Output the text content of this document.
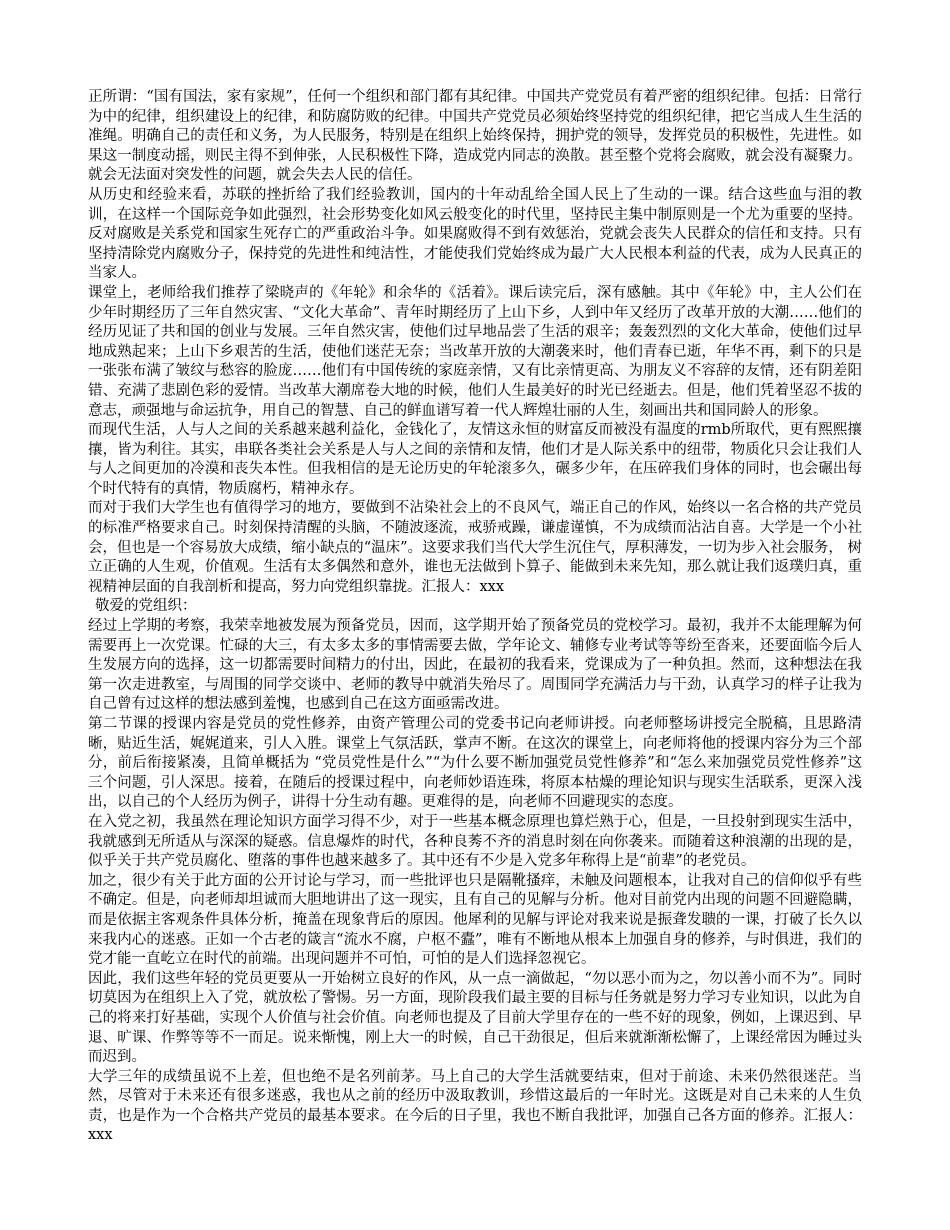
正所谓：“国有国法，家有家规”，任何一个组织和部门都有其纪律。中国共产党党员有着严密的组织纪律。包括：日常行为中的纪律，组织建设上的纪律，和防腐防败的纪律。中国共产党党员必须始终坚持党的组织纪律，把它当成人生生活的准绳。明确自己的责任和义务，为人民服务，特别是在组织上始终保持，拥护党的领导，发挥党员的积极性，先进性。如果这一制度动摇，则民主得不到伸张，人民积极性下降，造成党内同志的涣散。甚至整个党将会腐败，就会没有凝聚力。就会无法面对突发性的问题，就会失去人民的信任。

从历史和经验来看，苏联的挫折给了我们经验教训，国内的十年动乱给全国人民上了生动的一课。结合这些血与泪的教训，在这样一个国际竞争如此强烈，社会形势变化如风云般变化的时代里，坚持民主集中制原则是一个尤为重要的坚持。反对腐败是关系党和国家生死存亡的严重政治斗争。如果腐败得不到有效惩治，党就会丧失人民群众的信任和支持。只有坚持清除党内腐败分子，保持党的先进性和纯洁性，才能使我们党始终成为最广大人民根本利益的代表，成为人民真正的当家人。

课堂上，老师给我们推荐了梁晓声的《年轮》和余华的《活着》。课后读完后，深有感触。其中《年轮》中，主人公们在少年时期经历了三年自然灾害、“文化大革命”、青年时期经历了上山下乡，人到中年又经历了改革开放的大潮……他们的经历见证了共和国的创业与发展。三年自然灾害，使他们过早地品尝了生活的艰辛；轰轰烈烈的文化大革命，使他们过早地成熟起来；上山下乡艰苦的生活，使他们迷茫无奈；当改革开放的大潮袭来时，他们青春已逝，年华不再，剩下的只是一张张布满了皱纹与愁容的脸庞……他们有中国传统的家庭亲情，又有比亲情更高、为朋友义不容辞的友情，还有阴差阳错、充满了悲剧色彩的爱情。当改革大潮席卷大地的时候，他们人生最美好的时光已经逝去。但是，他们凭着坚忍不拔的意志，顽强地与命运抗争，用自己的智慧、自己的鲜血谱写着一代人辉煌壮丽的人生，刻画出共和国同龄人的形象。

而现代生活，人与人之间的关系越来越利益化，金钱化了，友情这永恒的财富反而被没有温度的rmb所取代，更有熙熙攘攘，皆为利往。其实，串联各类社会关系是人与人之间的亲情和友情，他们才是人际关系中的纽带，物质化只会让我们人与人之间更加的冷漠和丧失本性。但我相信的是无论历史的年轮滚多久，碾多少年，在压碎我们身体的同时，也会碾出每个时代特有的真情，物质腐朽，精神永存。

而对于我们大学生也有值得学习的地方，要做到不沾染社会上的不良风气，端正自己的作风，始终以一名合格的共产党员的标准严格要求自己。时刻保持清醒的头脑，不随波逐流，戒骄戒躁，谦虚谨慎，不为成绩而沾沾自喜。大学是一个小社会，但也是一个容易放大成绩，缩小缺点的“温床”。这要求我们当代大学生沉住气，厚积薄发，一切为步入社会服务， 树立正确的人生观，价值观。生活有太多偶然和意外，谁也无法做到卜算子、能做到未来先知，那么就让我们返璞归真，重视精神层面的自我剖析和提高，努力向党组织靠拢。汇报人：xxx

敬爱的党组织：

经过上学期的考察，我荣幸地被发展为预备党员，因而，这学期开始了预备党员的党校学习。最初，我并不太能理解为何需要再上一次党课。忙碌的大三，有太多太多的事情需要去做，学年论文、辅修专业考试等等纷至沓来，还要面临今后人生发展方向的选择，这一切都需要时间精力的付出，因此，在最初的我看来，党课成为了一种负担。然而，这种想法在我第一次走进教室，与周围的同学交谈中、老师的教导中就消失殆尽了。周围同学充满活力与干劲，认真学习的样子让我为自己曾有过这样的想法感到羞愧，也感到自己在这方面亟需改进。

第二节课的授课内容是党员的党性修养，由资产管理公司的党委书记向老师讲授。向老师整场讲授完全脱稿，且思路清晰，贴近生活，娓娓道来，引人入胜。课堂上气氛活跃，掌声不断。在这次的课堂上，向老师将他的授课内容分为三个部分，前后衔接紧凑，且简单概括为 “党员党性是什么”“为什么要不断加强党员党性修养”和“怎么来加强党员党性修养”这三个问题，引人深思。接着，在随后的授课过程中，向老师妙语连珠，将原本枯燥的理论知识与现实生活联系，更深入浅出，以自己的个人经历为例子，讲得十分生动有趣。更难得的是，向老师不回避现实的态度。

在入党之初，我虽然在理论知识方面学习得不少，对于一些基本概念原理也算烂熟于心，但是，一旦投射到现实生活中，我就感到无所适从与深深的疑惑。信息爆炸的时代，各种良莠不齐的消息时刻在向你袭来。而随着这种浪潮的出现的是，似乎关于共产党员腐化、堕落的事件也越来越多了。其中还有不少是入党多年称得上是“前辈”的老党员。

加之，很少有关于此方面的公开讨论与学习，而一些批评也只是隔靴搔痒，未触及问题根本，让我对自己的信仰似乎有些不确定。但是，向老师却坦诚而大胆地讲出了这一现实，且有自己的见解与分析。他对目前党内出现的问题不回避隐瞒，而是依据主客观条件具体分析，掩盖在现象背后的原因。他犀利的见解与评论对我来说是振聋发聩的一课，打破了长久以来我内心的迷惑。正如一个古老的箴言“流水不腐，户枢不蠹”，唯有不断地从根本上加强自身的修养，与时俱进，我们的党才能一直屹立在时代的前端。出现问题并不可怕，可怕的是人们选择忽视它。

因此，我们这些年轻的党员更要从一开始树立良好的作风，从一点一滴做起，“勿以恶小而为之，勿以善小而不为”。同时切莫因为在组织上入了党，就放松了警惕。另一方面，现阶段我们最主要的目标与任务就是努力学习专业知识，以此为自己的将来打好基础，实现个人价值与社会价值。向老师也提及了目前大学里存在的一些不好的现象，例如，上课迟到、早退、旷课、作弊等等不一而足。说来惭愧，刚上大一的时候，自己干劲很足，但后来就渐渐松懈了，上课经常因为睡过头而迟到。

大学三年的成绩虽说不上差，但也绝不是名列前茅。马上自己的大学生活就要结束，但对于前途、未来仍然很迷茫。当然，尽管对于未来还有很多迷惑，我也从之前的经历中汲取教训，珍惜这最后的一年时光。这既是对自己未来的人生负责，也是作为一个合格共产党员的最基本要求。在今后的日子里，我也不断自我批评，加强自己各方面的修养。汇报人：xxx
